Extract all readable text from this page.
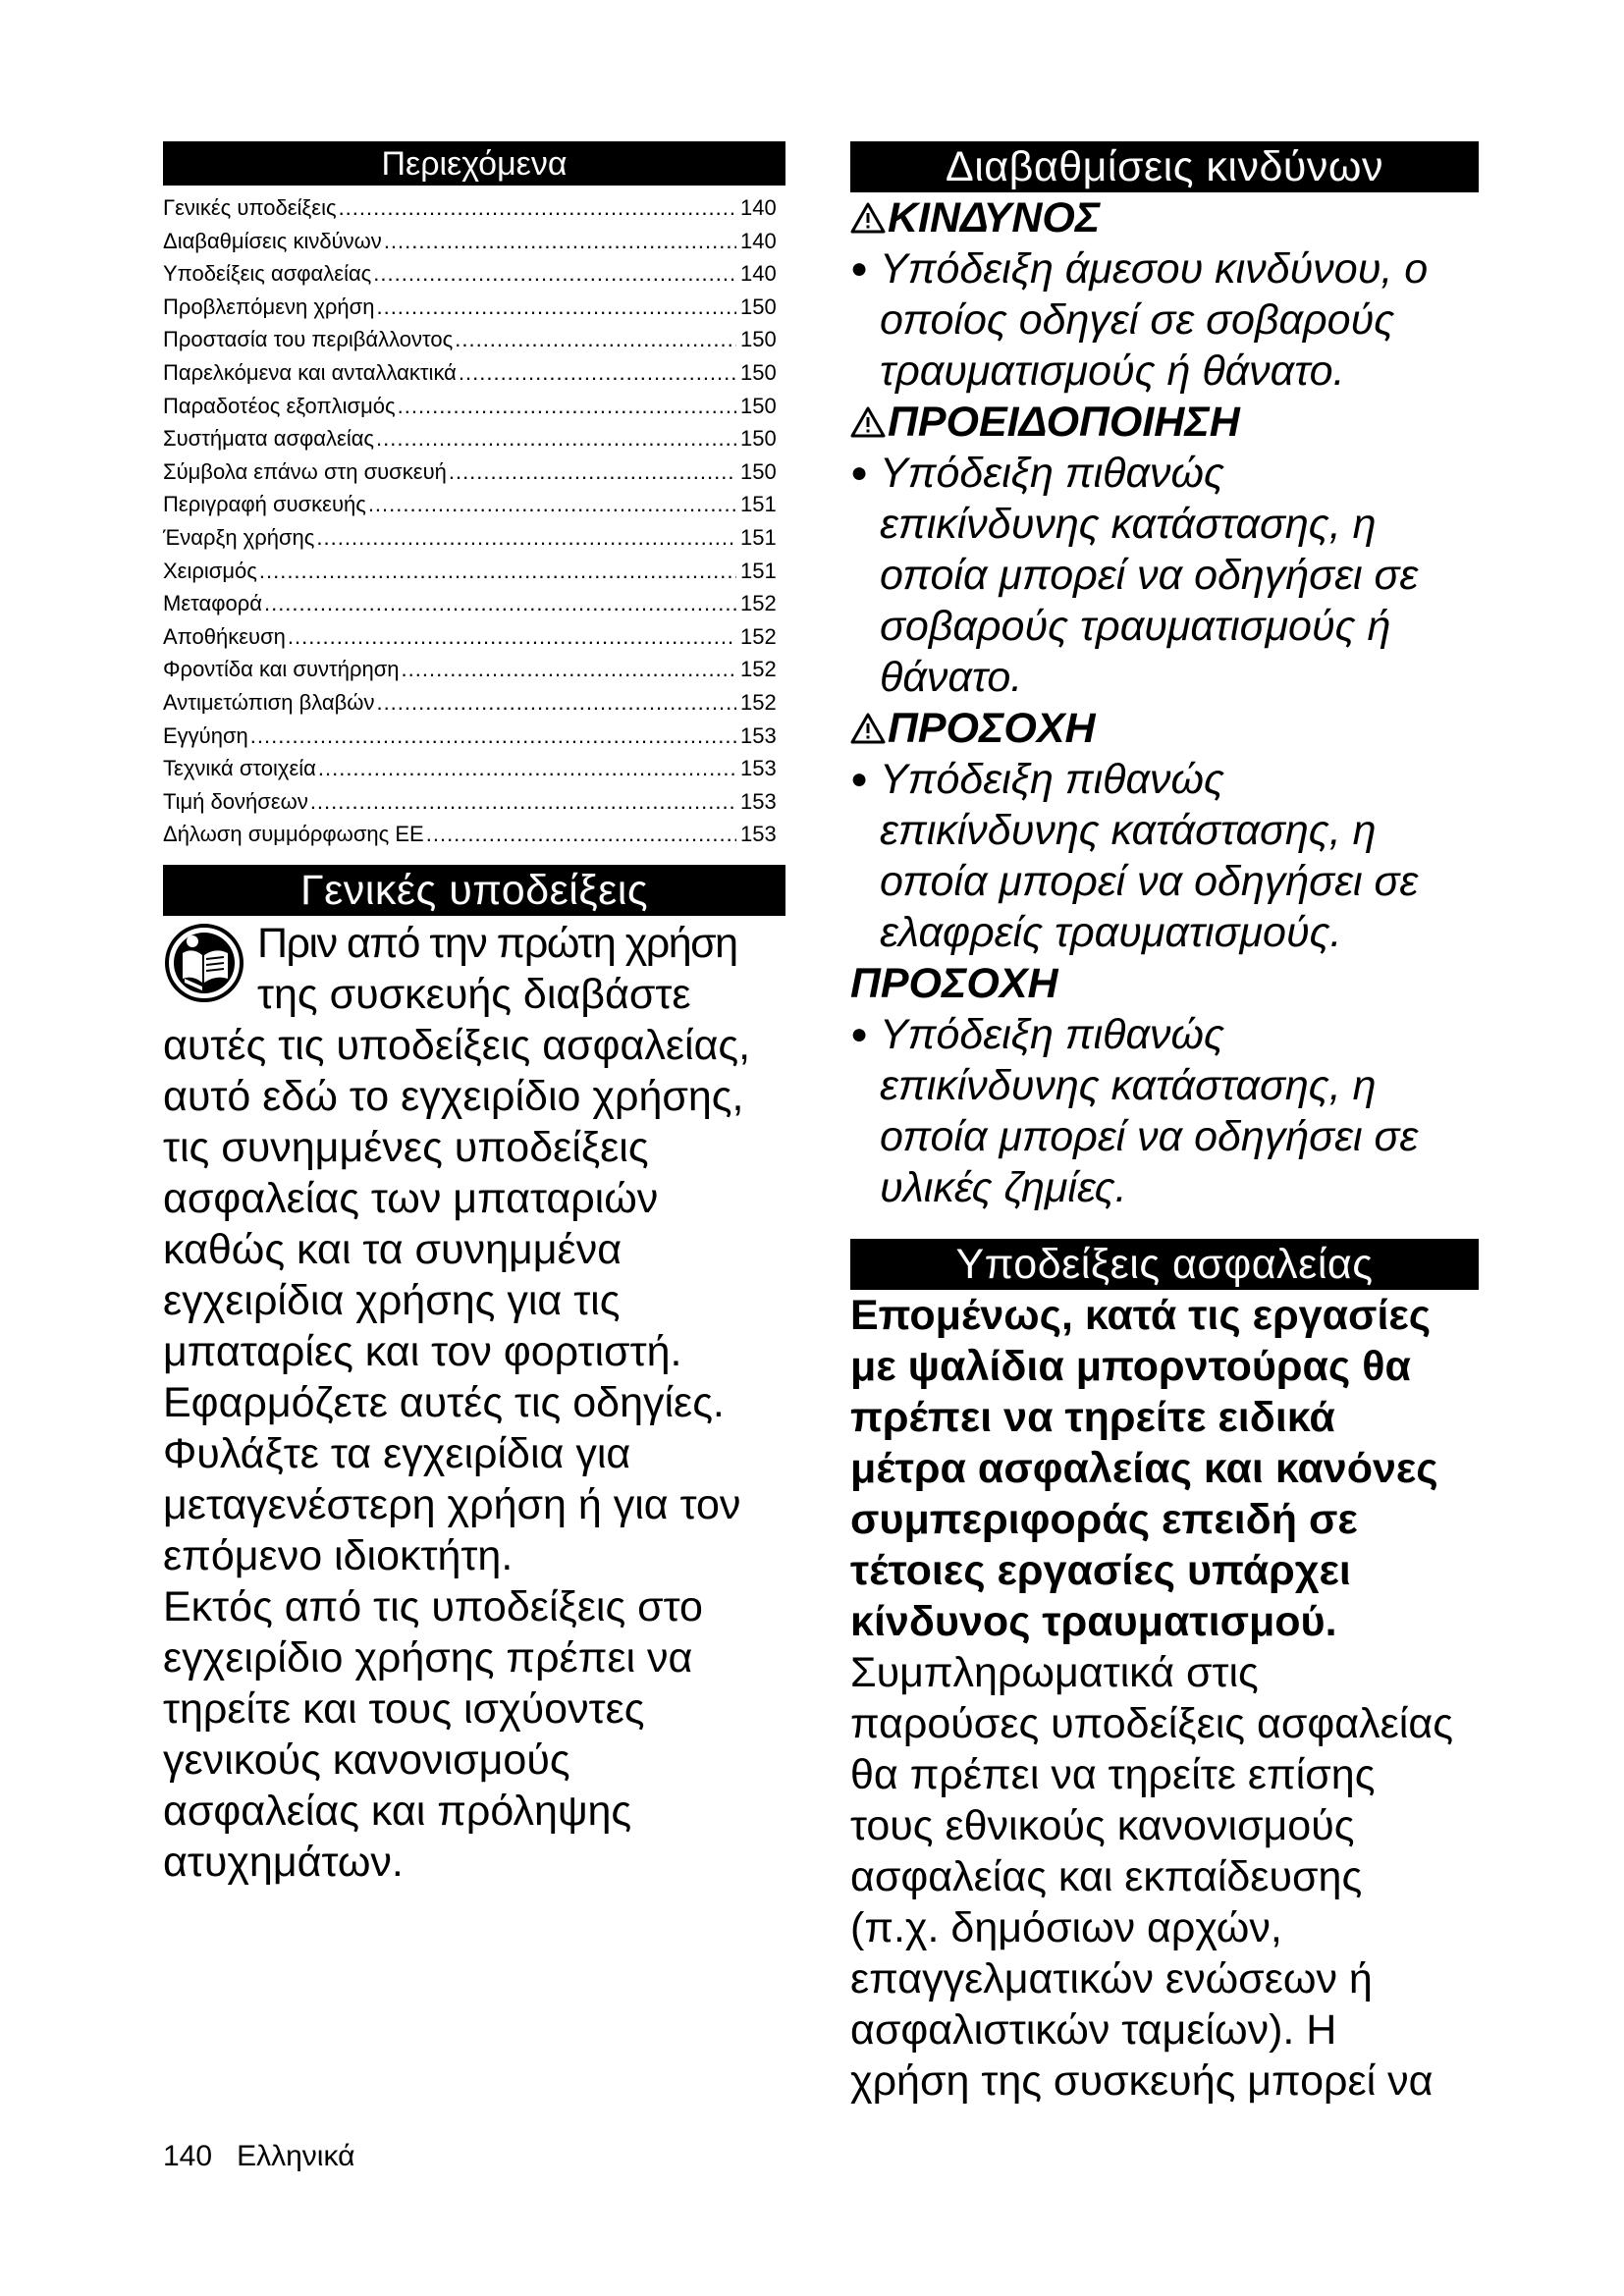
Περιεχόμενα
Γενικές υποδείξεις .....	140
Διαβαθμίσεις κινδύνων .....	140
Υποδείξεις ασφαλείας .....	140
Προβλεπόμενη χρήση .....	150
Προστασία του περιβάλλοντος .....	150
Παρελκόμενα και ανταλλακτικά .....	150
Παραδοτέος εξοπλισμός .....	150
Συστήματα ασφαλείας .....	150
Σύμβολα επάνω στη συσκευή .....	150
Περιγραφή συσκευής .....	151
Έναρξη χρήσης .....	151
Χειρισμός .....	151
Μεταφορά .....	152
Αποθήκευση .....	152
Φροντίδα και συντήρηση .....	152
Αντιμετώπιση βλαβών .....	152
Εγγύηση .....	153
Τεχνικά στοιχεία .....	153
Τιμή δονήσεων .....	153
Δήλωση συμμόρφωσης ΕΕ .....	153
Γενικές υποδείξεις
Πριν από την πρώτη χρήση
της συσκευής διαβάστε
αυτές τις υποδείξεις ασφαλείας,
αυτό εδώ το εγχειρίδιο χρήσης,
τις συνημμένες υποδείξεις
ασφαλείας των μπαταριών
καθώς και τα συνημμένα
εγχειρίδια χρήσης για τις
μπαταρίες και τον φορτιστή.
Εφαρμόζετε αυτές τις οδηγίες.
Φυλάξτε τα εγχειρίδια για
μεταγενέστερη χρήση ή για τον
επόμενο ιδιοκτήτη.
Εκτός από τις υποδείξεις στο
εγχειρίδιο χρήσης πρέπει να
τηρείτε και τους ισχύοντες
γενικούς κανονισμούς
ασφαλείας και πρόληψης
ατυχημάτων.
Διαβαθμίσεις κινδύνων
ΚΙΝΔΥΝΟΣ
● Υπόδειξη άμεσου κινδύνου, ο
οποίος οδηγεί σε σοβαρούς
τραυματισμούς ή θάνατο.
ΠΡΟΕΙΔΟΠΟΙΗΣΗ
● Υπόδειξη πιθανώς
επικίνδυνης κατάστασης, η
οποία μπορεί να οδηγήσει σε
σοβαρούς τραυματισμούς ή
θάνατο.
ΠΡΟΣΟΧΗ
● Υπόδειξη πιθανώς
επικίνδυνης κατάστασης, η
οποία μπορεί να οδηγήσει σε
ελαφρείς τραυματισμούς.
ΠΡΟΣΟΧΗ
● Υπόδειξη πιθανώς
επικίνδυνης κατάστασης, η
οποία μπορεί να οδηγήσει σε
υλικές ζημίες.
Υποδείξεις ασφαλείας
Επομένως, κατά τις εργασίες
με ψαλίδια μπορντούρας θα
πρέπει να τηρείτε ειδικά
μέτρα ασφαλείας και κανόνες
συμπεριφοράς επειδή σε
τέτοιες εργασίες υπάρχει
κίνδυνος τραυματισμού.
Συμπληρωματικά στις
παρούσες υποδείξεις ασφαλείας
θα πρέπει να τηρείτε επίσης
τους εθνικούς κανονισμούς
ασφαλείας και εκπαίδευσης
(π.χ. δημόσιων αρχών,
επαγγελματικών ενώσεων ή
ασφαλιστικών ταμείων). Η
χρήση της συσκευής μπορεί να
140 Ελληνικά
